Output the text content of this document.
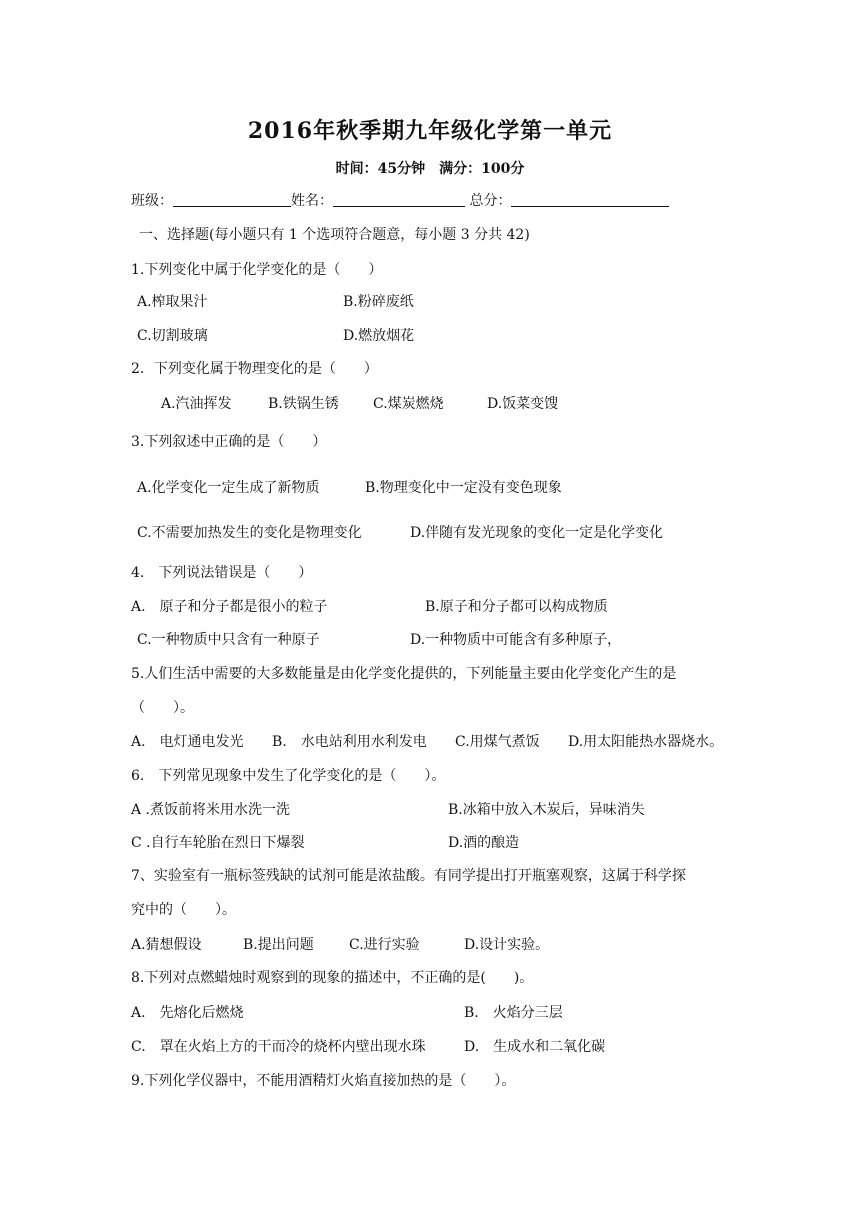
2016年秋季期九年级化学第一单元
时间：45分钟　满分：100分
班级：	姓名：	总分：
一、选择题(每小题只有 1 个选项符合题意，每小题 3 分共 42)
1.下列变化中属于化学变化的是（　　）
A.榨取果汁	B.粉碎废纸
C.切割玻璃	D.燃放烟花
2．下列变化属于物理变化的是（　　）
A.汽油挥发	B.铁锅生锈 C.煤炭燃烧	D.饭菜变馊
3.下列叙述中正确的是（　　）
A.化学变化一定生成了新物质	B.物理变化中一定没有变色现象
C.不需要加热发生的变化是物理变化	D.伴随有发光现象的变化一定是化学变化
4.　下列说法错误是（　　）
A.　原子和分子都是很小的粒子	B.原子和分子都可以构成物质
C.一种物质中只含有一种原子	D.一种物质中可能含有多种原子，
5.人们生活中需要的大多数能量是由化学变化提供的，下列能量主要由化学变化产生的是
（　　）。
A.　电灯通电发光 B.　水电站利用水利发电 C.用煤气煮饭 D.用太阳能热水器烧水。
6.　下列常见现象中发生了化学变化的是（　　）。
A .煮饭前将米用水洗一洗	B.冰箱中放入木炭后，异味消失
C .自行车轮胎在烈日下爆裂	D.酒的酿造
7、实验室有一瓶标签残缺的试剂可能是浓盐酸。有同学提出打开瓶塞观察，这属于科学探
究中的（　　）。
A.猜想假设	B.提出问题	C.进行实验	D.设计实验。
8.下列对点燃蜡烛时观察到的现象的描述中，不正确的是(　　)。
A.　先熔化后燃烧	B.　火焰分三层
C.　罩在火焰上方的干而冷的烧杯内壁出现水珠	D.　生成水和二氧化碳
9.下列化学仪器中，不能用酒精灯火焰直接加热的是（　　）。
